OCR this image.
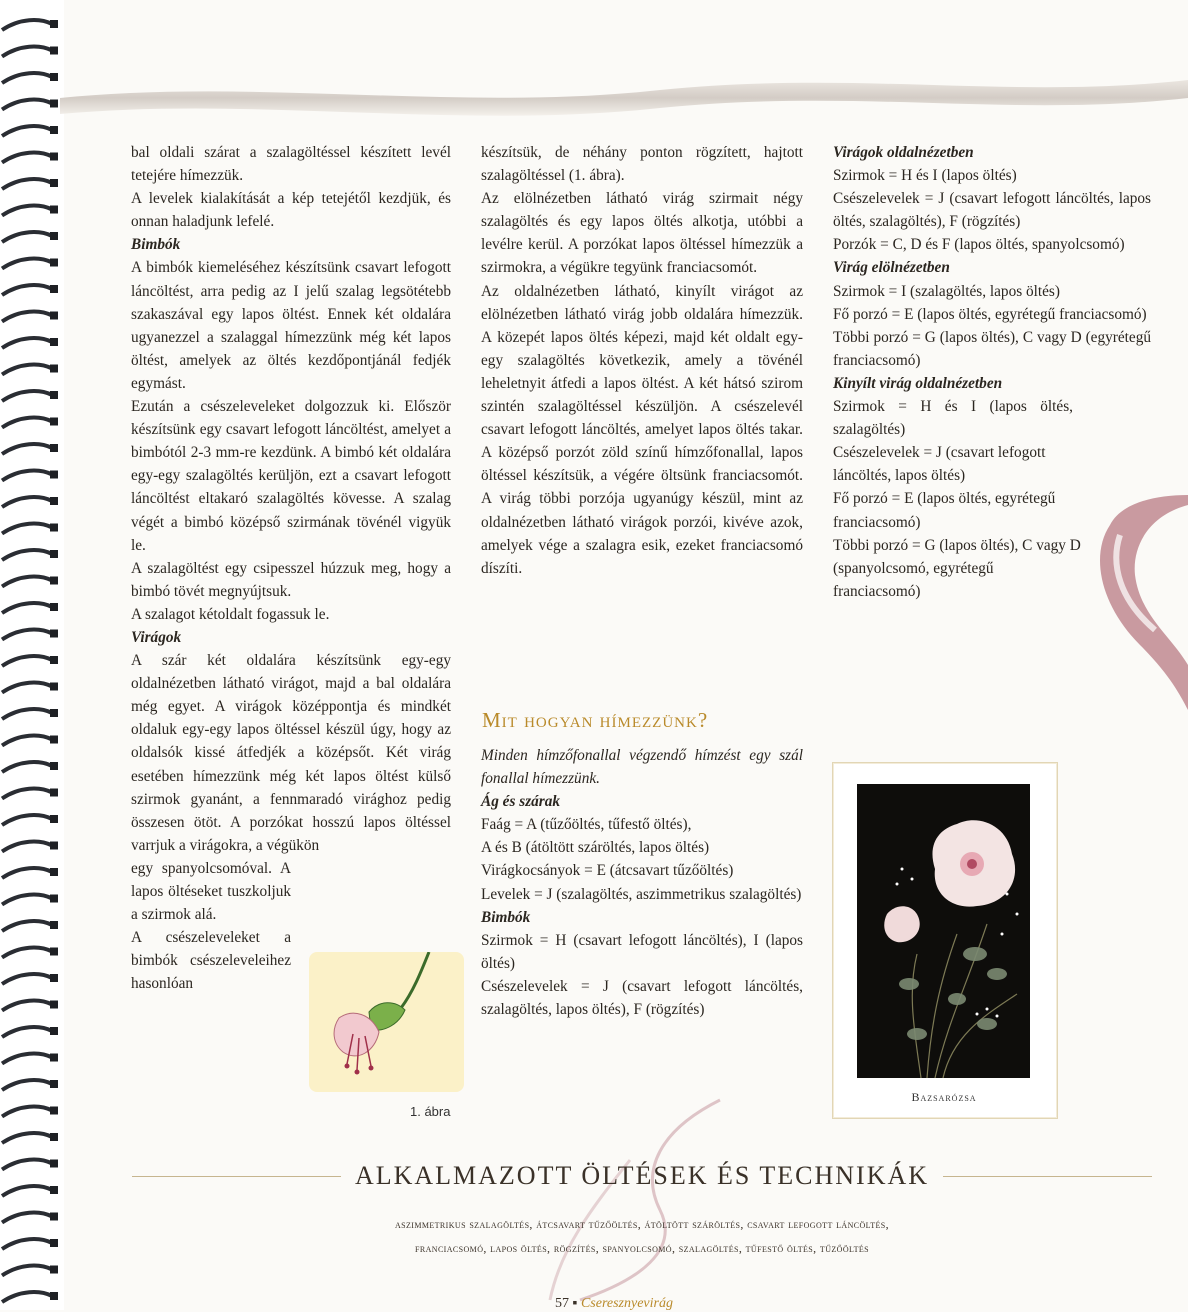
bal oldali szárat a szalagöltéssel készített levél tetejére hímezzük.

A levelek kialakítását a kép tetejétől kezdjük, és onnan haladjunk lefelé.

Bimbók

A bimbók kiemeléséhez készítsünk csavart lefogott láncöltést, arra pedig az I jelű szalag legsötétebb szakaszával egy lapos öltést. Ennek két oldalára ugyanezzel a szalaggal hímezzünk még két lapos öltést, amelyek az öltés kezdőpontjánál fedjék egymást.

Ezután a csészeleveleket dolgozzuk ki. Először készítsünk egy csavart lefogott láncöltést, amelyet a bimbótól 2-3 mm-re kezdünk. A bimbó két oldalára egy-egy szalagöltés kerüljön, ezt a csavart lefogott láncöltést eltakaró szalagöltés kövesse. A szalag végét a bimbó középső szirmának tövénél vigyük le.

A szalagöltést egy csipesszel húzzuk meg, hogy a bimbó tövét megnyújtsuk.

A szalagot kétoldalt fogassuk le.

Virágok

A szár két oldalára készítsünk egy-egy oldalnézetben látható virágot, majd a bal oldalára még egyet. A virágok középpontja és mindkét oldaluk egy-egy lapos öltéssel készül úgy, hogy az oldalsók kissé átfedjék a középsőt. Két virág esetében hímezzünk még két lapos öltést külső szirmok gyanánt, a fennmaradó virághoz pedig összesen ötöt. A porzókat hosszú lapos öltéssel varrjuk a virágokra, a végükön

egy spanyolcsomóval. A lapos öltéseket tuszkoljuk a szirmok alá.

A csészeleveleket a bimbók csészeleveleihez hasonlóan

1. ábra

készítsük, de néhány ponton rögzített, hajtott szalagöltéssel (1. ábra).

Az elölnézetben látható virág szirmait négy szalagöltés és egy lapos öltés alkotja, utóbbi a levélre kerül. A porzókat lapos öltéssel hímezzük a szirmokra, a végükre tegyünk franciacsomót.

Az oldalnézetben látható, kinyílt virágot az elölnézetben látható virág jobb oldalára hímezzük. A közepét lapos öltés képezi, majd két oldalt egy-egy szalagöltés következik, amely a tövénél leheletnyit átfedi a lapos öltést. A két hátsó szirom szintén szalagöltéssel készüljön. A csészelevél csavart lefogott láncöltés, amelyet lapos öltés takar. A középső porzót zöld színű hímzőfonallal, lapos öltéssel készítsük, a végére öltsünk franciacsomót. A virág többi porzója ugyanúgy készül, mint az oldalnézetben látható virágok porzói, kivéve azok, amelyek vége a szalagra esik, ezeket franciacsomó díszíti.

Mit hogyan hímezzünk?

Minden hímzőfonallal végzendő hímzést egy szál fonallal hímezzünk.

Ág és szárak

Faág = A (tűzőöltés, tűfestő öltés),

A és B (átöltött száröltés, lapos öltés)

Virágkocsányok = E (átcsavart tűzőöltés)

Levelek = J (szalagöltés, aszimmetrikus szalagöltés)

Bimbók

Szirmok = H (csavart lefogott láncöltés), I (lapos öltés)

Csészelevelek = J (csavart lefogott láncöltés, szalagöltés, lapos öltés), F (rögzítés)

Virágok oldalnézetben

Szirmok = H és I (lapos öltés)

Csészelevelek = J (csavart lefogott láncöltés, lapos öltés, szalagöltés), F (rögzítés)

Porzók = C, D és F (lapos öltés, spanyolcsomó)

Virág elölnézetben

Szirmok = I (szalagöltés, lapos öltés)

Fő porzó = E (lapos öltés, egyrétegű franciacsomó)

Többi porzó = G (lapos öltés), C vagy D (egyrétegű franciacsomó)

Kinyílt virág oldalnézetben

Szirmok = H és I (lapos öltés, szalagöltés)

Csészelevelek = J (csavart lefogott láncöltés, lapos öltés)

Fő porzó = E (lapos öltés, egyrétegű franciacsomó)

Többi porzó = G (lapos öltés), C vagy D (spanyolcsomó, egyrétegű franciacsomó)

Bazsarózsa
ALKALMAZOTT ÖLTÉSEK ÉS TECHNIKÁK
aszimmetrikus szalagöltés, átcsavart tűzőöltés, átöltött száröltés, csavart lefogott láncöltés,
franciacsomó, lapos öltés, rögzítés, spanyolcsomó, szalagöltés, tűfestő öltés, tűzőöltés
57 ▪ Cseresznyevirág
